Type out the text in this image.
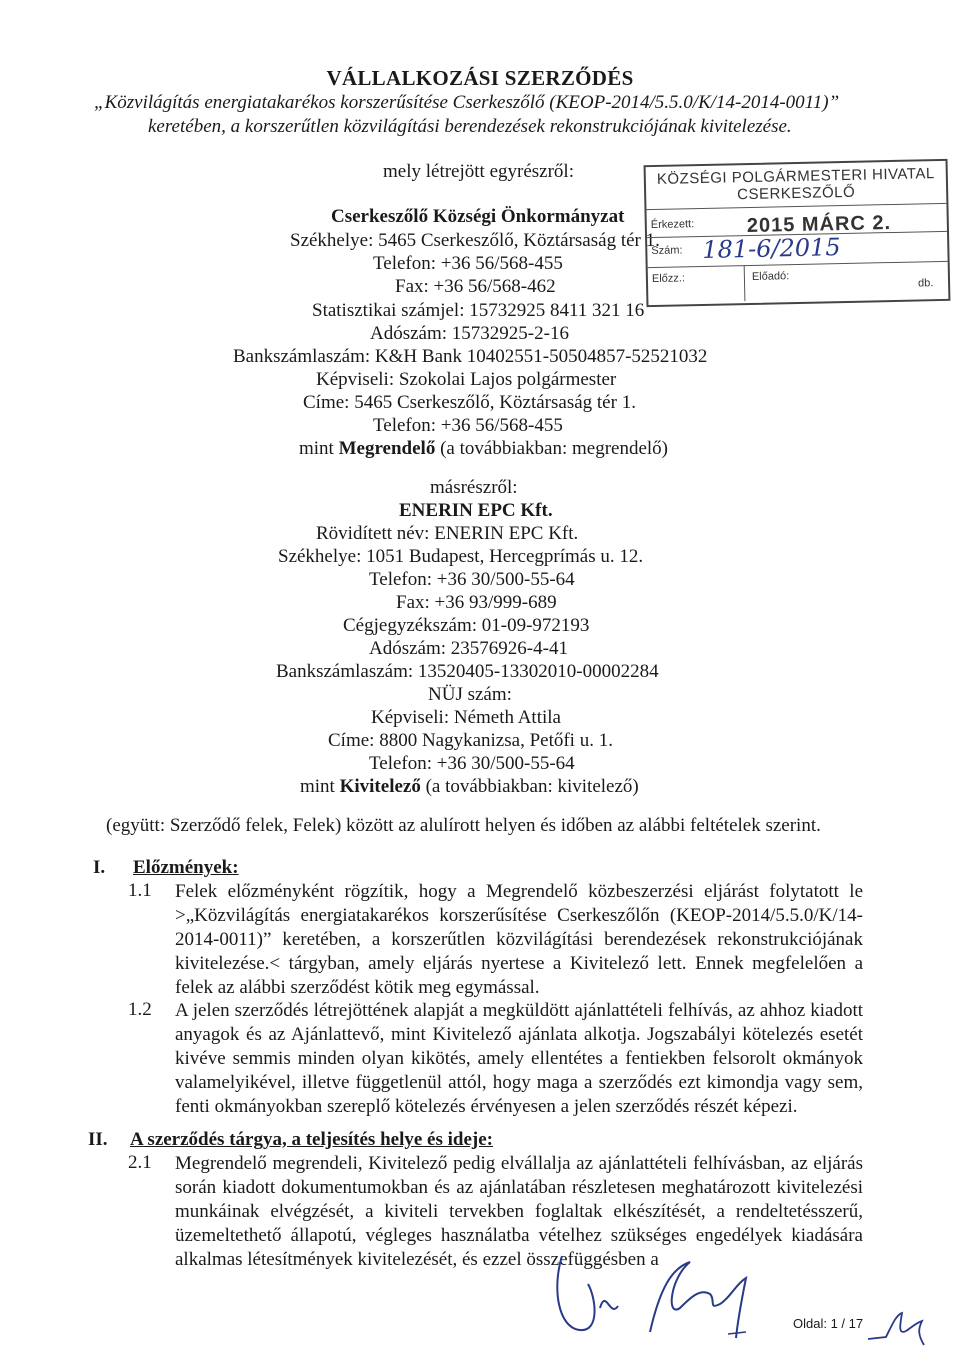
VÁLLALKOZÁSI SZERZŐDÉS
„Közvilágítás energiatakarékos korszerűsítése Cserkeszőlő (KEOP-2014/5.5.0/K/14-2014-0011)”
keretében, a korszerűtlen közvilágítási berendezések rekonstrukciójának kivitelezése.
mely létrejött egyrészről:
Cserkeszőlő Községi Önkormányzat
Székhelye: 5465 Cserkeszőlő, Köztársaság tér 1.
Telefon: +36 56/568-455
Fax: +36 56/568-462
Statisztikai számjel: 15732925 8411 321 16
Adószám: 15732925-2-16
Bankszámlaszám: K&H Bank 10402551-50504857-52521032
Képviseli: Szokolai Lajos polgármester
Címe: 5465 Cserkeszőlő, Köztársaság tér 1.
Telefon: +36 56/568-455
mint Megrendelő (a továbbiakban: megrendelő)
másrészről:
ENERIN EPC Kft.
Rövidített név: ENERIN EPC Kft.
Székhelye: 1051 Budapest, Hercegprímás u. 12.
Telefon: +36 30/500-55-64
Fax: +36 93/999-689
Cégjegyzékszám: 01-09-972193
Adószám: 23576926-4-41
Bankszámlaszám: 13520405-13302010-00002284
NÜJ szám:
Képviseli: Németh Attila
Címe: 8800 Nagykanizsa, Petőfi u. 1.
Telefon: +36 30/500-55-64
mint Kivitelező (a továbbiakban: kivitelező)
(együtt: Szerződő felek, Felek) között az alulírott helyen és időben az alábbi feltételek szerint.
I. Előzmények:
1.1 Felek előzményként rögzítik, hogy a Megrendelő közbeszerzési eljárást folytatott le >„Közvilágítás energiatakarékos korszerűsítése Cserkeszőlőn (KEOP-2014/5.5.0/K/14-2014-0011)” keretében, a korszerűtlen közvilágítási berendezések rekonstrukciójának kivitelezése.< tárgyban, amely eljárás nyertese a Kivitelező lett. Ennek megfelelően a felek az alábbi szerződést kötik meg egymással.

1.2 A jelen szerződés létrejöttének alapját a megküldött ajánlattételi felhívás, az ahhoz kiadott anyagok és az Ajánlattevő, mint Kivitelező ajánlata alkotja. Jogszabályi kötelezés esetét kivéve semmis minden olyan kikötés, amely ellentétes a fentiekben felsorolt okmányok valamelyikével, illetve függetlenül attól, hogy maga a szerződés ezt kimondja vagy sem, fenti okmányokban szereplő kötelezés érvényesen a jelen szerződés részét képezi.

II. A szerződés tárgya, a teljesítés helye és ideje:
2.1 Megrendelő megrendeli, Kivitelező pedig elvállalja az ajánlattételi felhívásban, az eljárás során kiadott dokumentumokban és az ajánlatában részletesen meghatározott kivitelezési munkáinak elvégzését, a kiviteli tervekben foglaltak elkészítését, a rendeltetésszerű, üzemeltethető állapotú, végleges használatba vételhez szükséges engedélyek kiadására alkalmas létesítmények kivitelezését, és ezzel összefüggésben a

KÖZSÉGI POLGÁRMESTERI HIVATAL
CSERKESZŐLŐ
Érkezett:	2015 MÁRC 2.
Szám: 181-6/2015
Előzz.:	Előadó:
db.
Oldal: 1 / 17
